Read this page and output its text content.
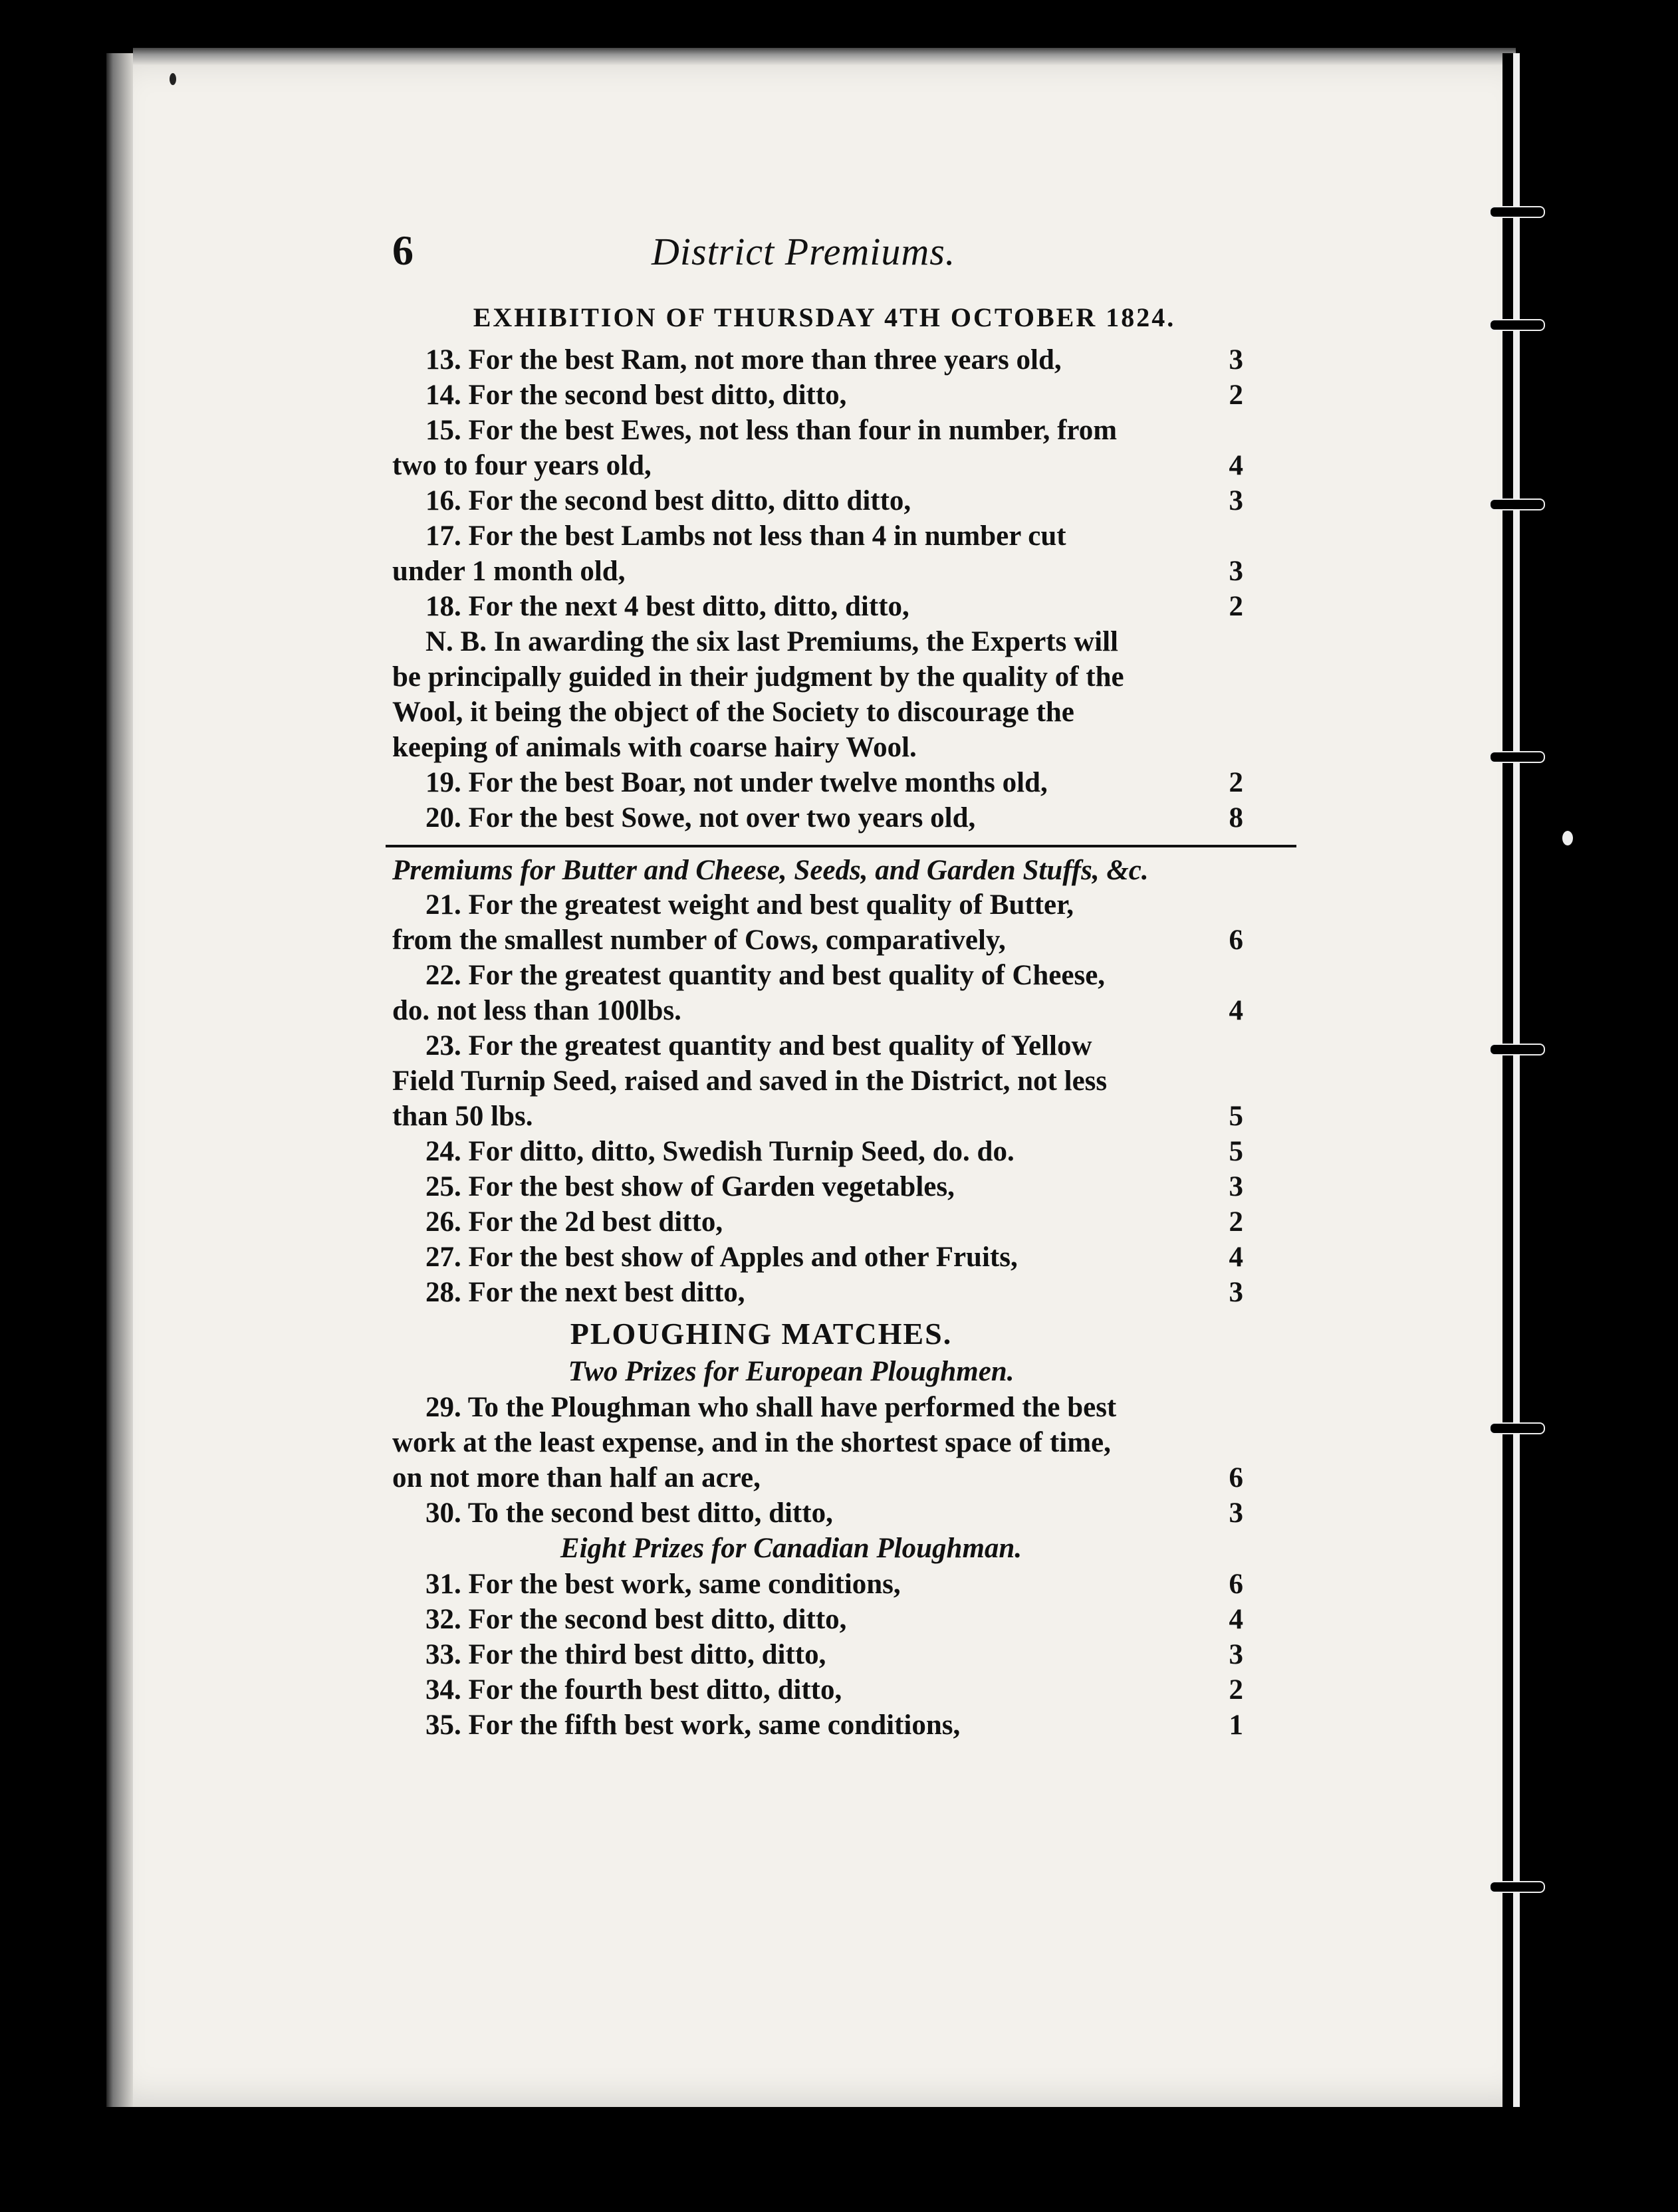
6	District Premiums.
EXHIBITION OF THURSDAY 4TH OCTOBER 1824.
13. For the best Ram, not more than three years old,	3
14. For the second best ditto, ditto,	2
15. For the best Ewes, not less than four in number, from two to four years old,	4
16. For the second best ditto, ditto ditto,	3
17. For the best Lambs not less than 4 in number cut under 1 month old,	3
18. For the next 4 best ditto, ditto, ditto,	2
N. B. In awarding the six last Premiums, the Experts will be principally guided in their judgment by the quality of the Wool, it being the object of the Society to discourage the keeping of animals with coarse hairy Wool.
19. For the best Boar, not under twelve months old,	2
20. For the best Sowe, not over two years old,	8
Premiums for Butter and Cheese, Seeds, and Garden Stuffs, &c.
21. For the greatest weight and best quality of Butter, from the smallest number of Cows, comparatively,	6
22. For the greatest quantity and best quality of Cheese, do. not less than 100lbs.	4
23. For the greatest quantity and best quality of Yellow Field Turnip Seed, raised and saved in the District, not less than 50 lbs.	5
24. For ditto, ditto, Swedish Turnip Seed, do. do.	5
25. For the best show of Garden vegetables,	3
26. For the 2d best ditto,	2
27. For the best show of Apples and other Fruits,	4
28. For the next best ditto,	3
PLOUGHING MATCHES.
Two Prizes for European Ploughmen.
29. To the Ploughman who shall have performed the best work at the least expense, and in the shortest space of time, on not more than half an acre,	6
30. To the second best ditto, ditto,	3
Eight Prizes for Canadian Ploughman.
31. For the best work, same conditions,	6
32. For the second best ditto, ditto,	4
33. For the third best ditto, ditto,	3
34. For the fourth best ditto, ditto,	2
35. For the fifth best work, same conditions,	1
